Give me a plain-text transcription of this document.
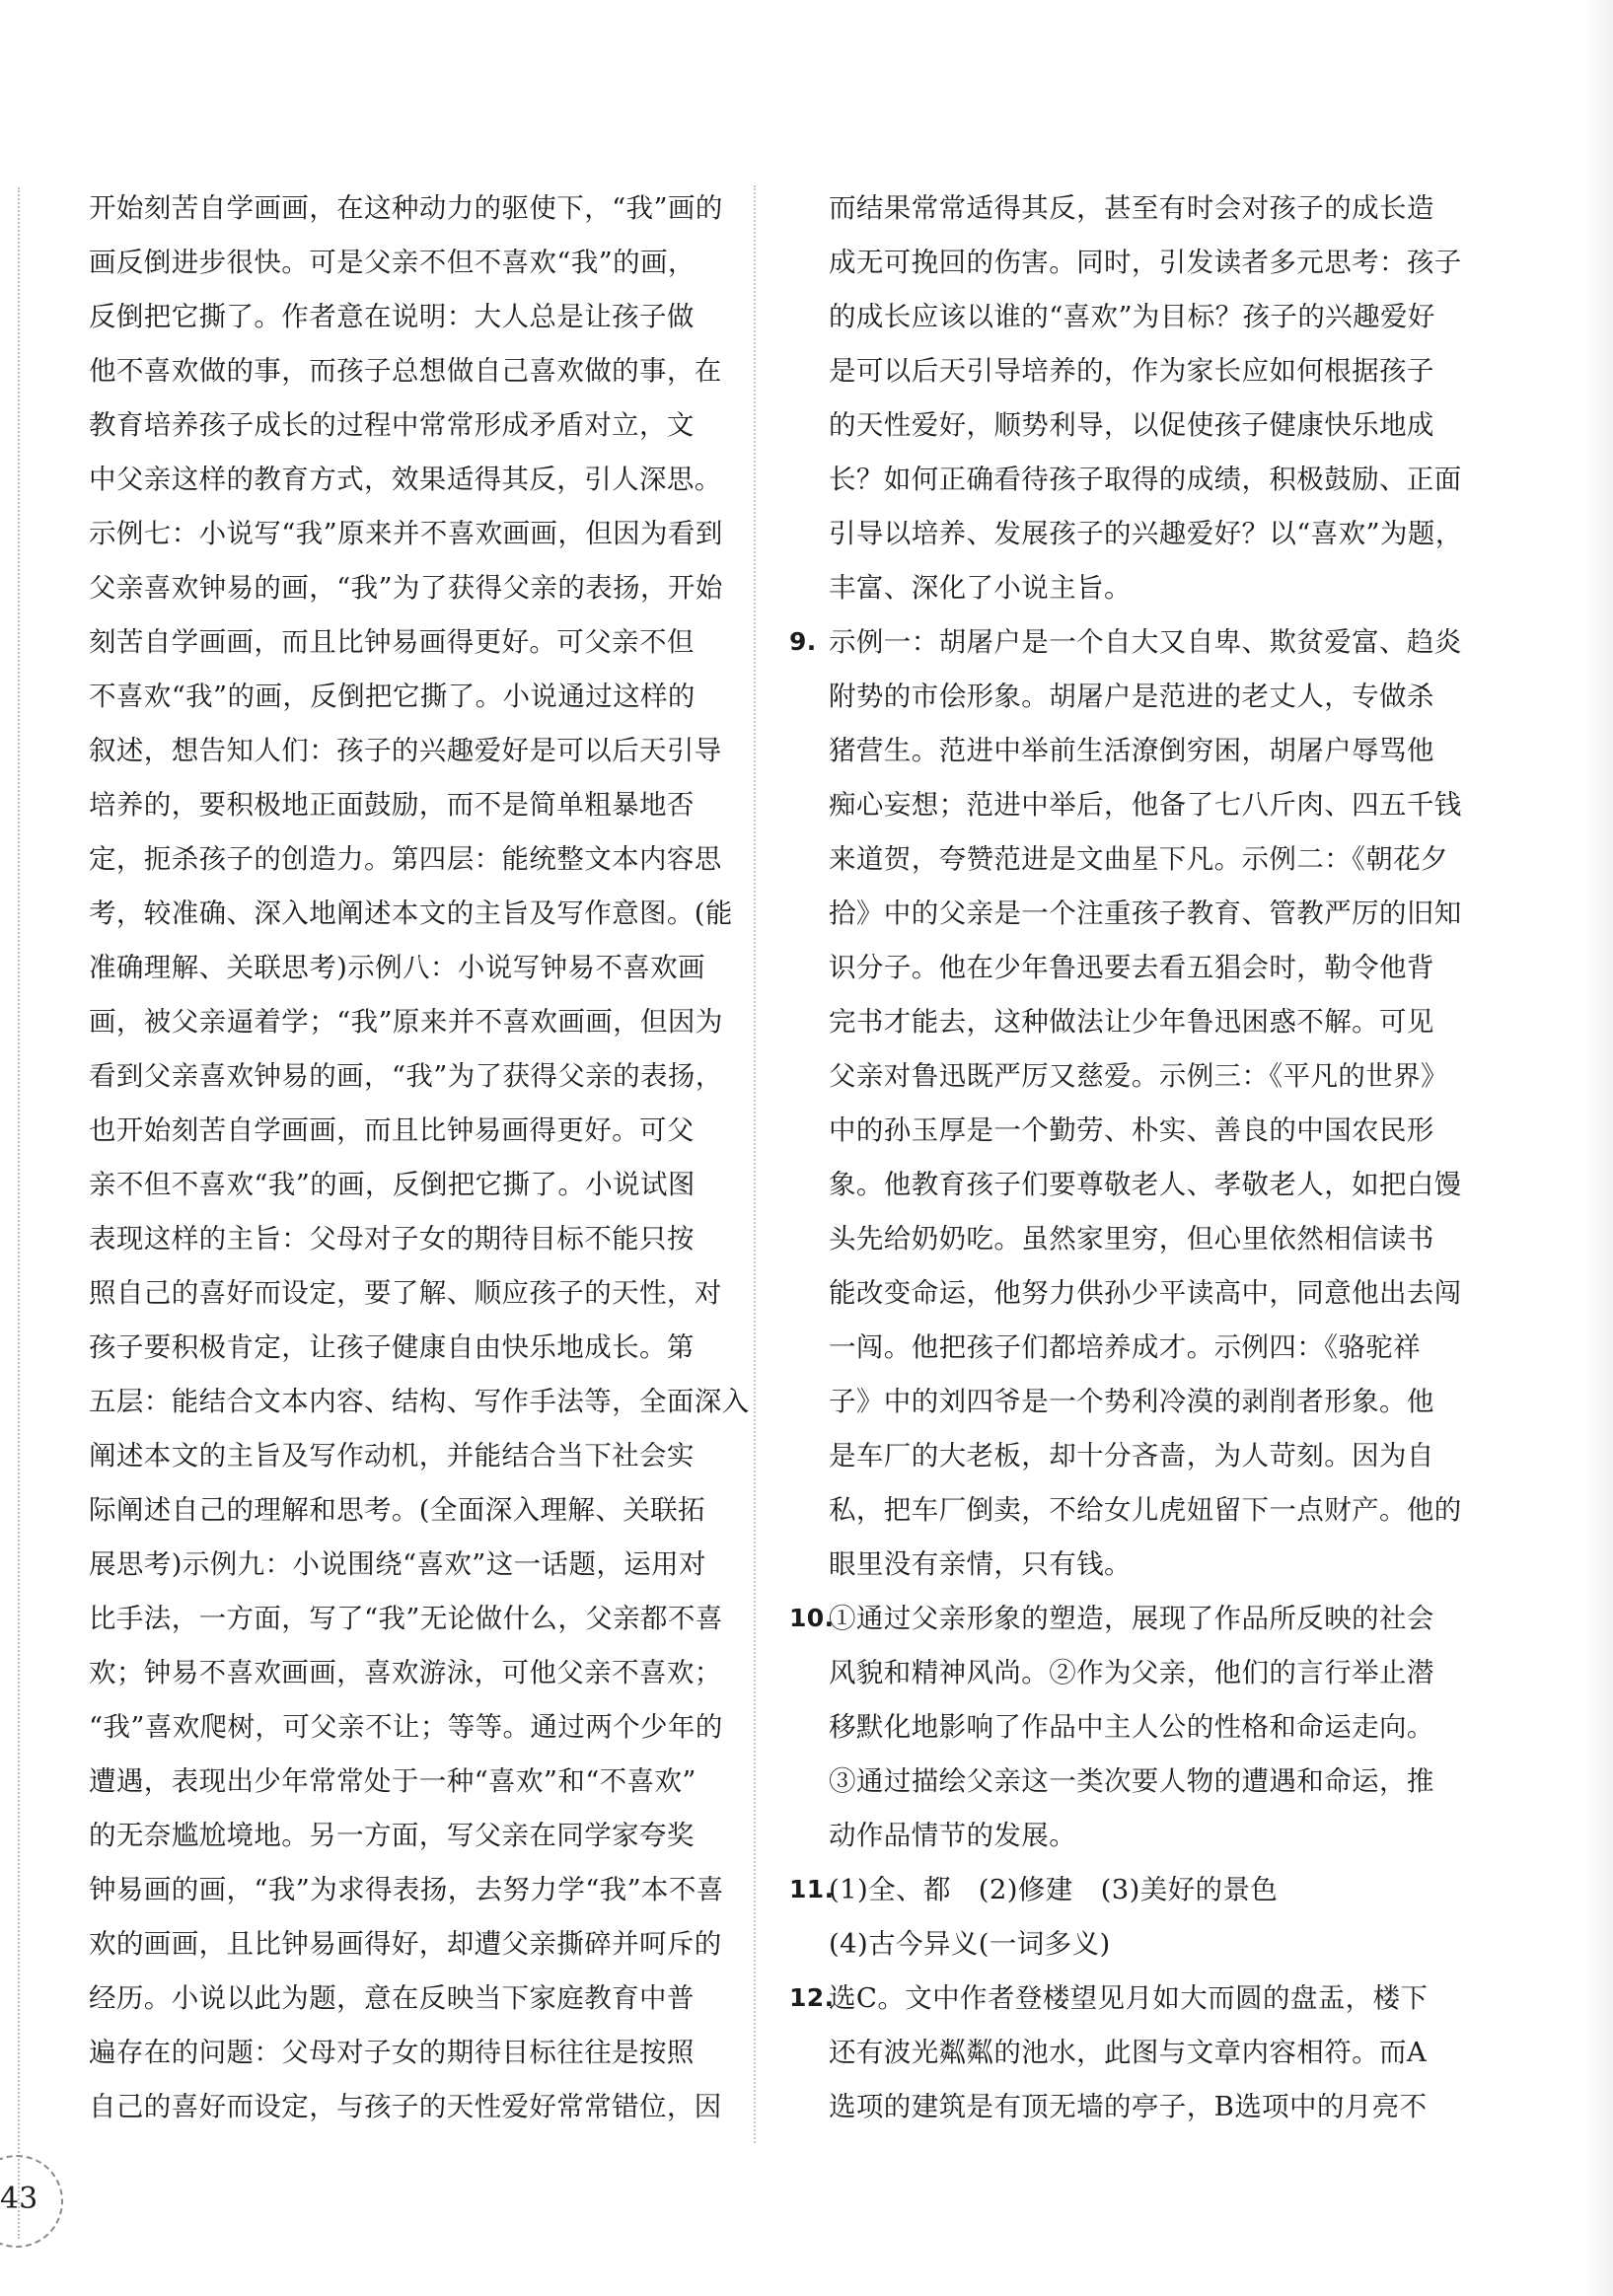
开始刻苦自学画画，在这种动力的驱使下，“我”画的
画反倒进步很快。可是父亲不但不喜欢“我”的画，
反倒把它撕了。作者意在说明：大人总是让孩子做
他不喜欢做的事，而孩子总想做自己喜欢做的事，在
教育培养孩子成长的过程中常常形成矛盾对立，文
中父亲这样的教育方式，效果适得其反，引人深思。
示例七：小说写“我”原来并不喜欢画画，但因为看到
父亲喜欢钟易的画，“我”为了获得父亲的表扬，开始
刻苦自学画画，而且比钟易画得更好。可父亲不但
不喜欢“我”的画，反倒把它撕了。小说通过这样的
叙述，想告知人们：孩子的兴趣爱好是可以后天引导
培养的，要积极地正面鼓励，而不是简单粗暴地否
定，扼杀孩子的创造力。第四层：能统整文本内容思
考，较准确、深入地阐述本文的主旨及写作意图。(能
准确理解、关联思考)示例八：小说写钟易不喜欢画
画，被父亲逼着学；“我”原来并不喜欢画画，但因为
看到父亲喜欢钟易的画，“我”为了获得父亲的表扬，
也开始刻苦自学画画，而且比钟易画得更好。可父
亲不但不喜欢“我”的画，反倒把它撕了。小说试图
表现这样的主旨：父母对子女的期待目标不能只按
照自己的喜好而设定，要了解、顺应孩子的天性，对
孩子要积极肯定，让孩子健康自由快乐地成长。第
五层：能结合文本内容、结构、写作手法等，全面深入
阐述本文的主旨及写作动机，并能结合当下社会实
际阐述自己的理解和思考。(全面深入理解、关联拓
展思考)示例九：小说围绕“喜欢”这一话题，运用对
比手法，一方面，写了“我”无论做什么，父亲都不喜
欢；钟易不喜欢画画，喜欢游泳，可他父亲不喜欢；
“我”喜欢爬树，可父亲不让；等等。通过两个少年的
遭遇，表现出少年常常处于一种“喜欢”和“不喜欢”
的无奈尴尬境地。另一方面，写父亲在同学家夸奖
钟易画的画，“我”为求得表扬，去努力学“我”本不喜
欢的画画，且比钟易画得好，却遭父亲撕碎并呵斥的
经历。小说以此为题，意在反映当下家庭教育中普
遍存在的问题：父母对子女的期待目标往往是按照
自己的喜好而设定，与孩子的天性爱好常常错位，因
而结果常常适得其反，甚至有时会对孩子的成长造
成无可挽回的伤害。同时，引发读者多元思考：孩子
的成长应该以谁的“喜欢”为目标？孩子的兴趣爱好
是可以后天引导培养的，作为家长应如何根据孩子
的天性爱好，顺势利导，以促使孩子健康快乐地成
长？如何正确看待孩子取得的成绩，积极鼓励、正面
引导以培养、发展孩子的兴趣爱好？以“喜欢”为题，
丰富、深化了小说主旨。
9. 示例一：胡屠户是一个自大又自卑、欺贫爱富、趋炎
附势的市侩形象。胡屠户是范进的老丈人，专做杀
猪营生。范进中举前生活潦倒穷困，胡屠户辱骂他
痴心妄想；范进中举后，他备了七八斤肉、四五千钱
来道贺，夸赞范进是文曲星下凡。示例二：《朝花夕
拾》中的父亲是一个注重孩子教育、管教严厉的旧知
识分子。他在少年鲁迅要去看五猖会时，勒令他背
完书才能去，这种做法让少年鲁迅困惑不解。可见
父亲对鲁迅既严厉又慈爱。示例三：《平凡的世界》
中的孙玉厚是一个勤劳、朴实、善良的中国农民形
象。他教育孩子们要尊敬老人、孝敬老人，如把白馒
头先给奶奶吃。虽然家里穷，但心里依然相信读书
能改变命运，他努力供孙少平读高中，同意他出去闯
一闯。他把孩子们都培养成才。示例四：《骆驼祥
子》中的刘四爷是一个势利冷漠的剥削者形象。他
是车厂的大老板，却十分吝啬，为人苛刻。因为自
私，把车厂倒卖，不给女儿虎妞留下一点财产。他的
眼里没有亲情，只有钱。
10.
①通过父亲形象的塑造，展现了作品所反映的社会
风貌和精神风尚。②作为父亲，他们的言行举止潜
移默化地影响了作品中主人公的性格和命运走向。
③通过描绘父亲这一类次要人物的遭遇和命运，推
动作品情节的发展。
11.
(1)全、都　(2)修建　(3)美好的景色
(4)古今异义(一词多义)
12.
选C。文中作者登楼望见月如大而圆的盘盂，楼下
还有波光粼粼的池水，此图与文章内容相符。而A
选项的建筑是有顶无墙的亭子，B选项中的月亮不
43
